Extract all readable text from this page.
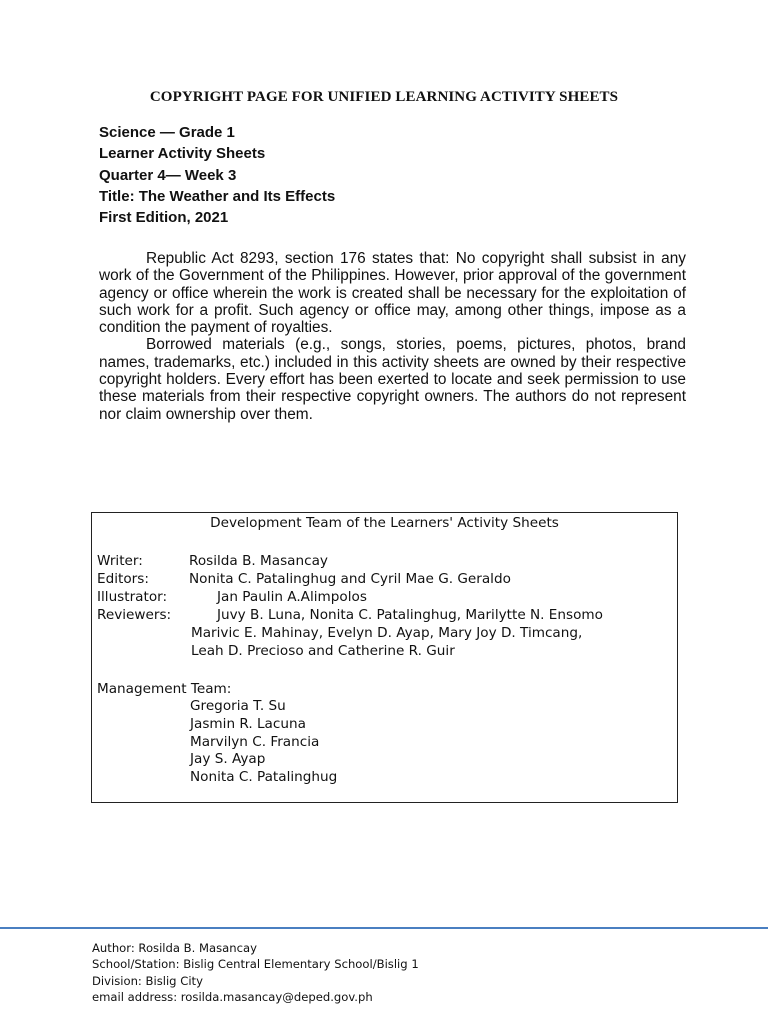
COPYRIGHT PAGE FOR UNIFIED LEARNING ACTIVITY SHEETS
Science — Grade 1
Learner Activity Sheets
Quarter 4— Week 3
Title: The Weather and Its Effects
First Edition, 2021

Republic Act 8293, section 176 states that: No copyright shall subsist in any work of the Government of the Philippines. However, prior approval of the government agency or office wherein the work is created shall be necessary for the exploitation of such work for a profit. Such agency or office may, among other things, impose as a condition the payment of royalties.

Borrowed materials (e.g., songs, stories, poems, pictures, photos, brand names, trademarks, etc.) included in this activity sheets are owned by their respective copyright holders. Every effort has been exerted to locate and seek permission to use these materials from their respective copyright owners. The authors do not represent nor claim ownership over them.

Development Team of the Learners' Activity Sheets
Writer:	Rosilda B. Masancay
Editors:	Nonita C. Patalinghug and Cyril Mae G. Geraldo
Illustrator:	Jan Paulin A.Alimpolos
Reviewers:	Juvy B. Luna, Nonita C. Patalinghug, Marilytte N. Ensomo
Marivic E. Mahinay, Evelyn D. Ayap, Mary Joy D. Timcang,
Leah D. Precioso and Catherine R. Guir
Management Team:
Gregoria T. Su
Jasmin R. Lacuna
Marvilyn C. Francia
Jay S. Ayap
Nonita C. Patalinghug
Author: Rosilda B. Masancay
School/Station: Bislig Central Elementary School/Bislig 1
Division: Bislig City
email address: rosilda.masancay@deped.gov.ph
